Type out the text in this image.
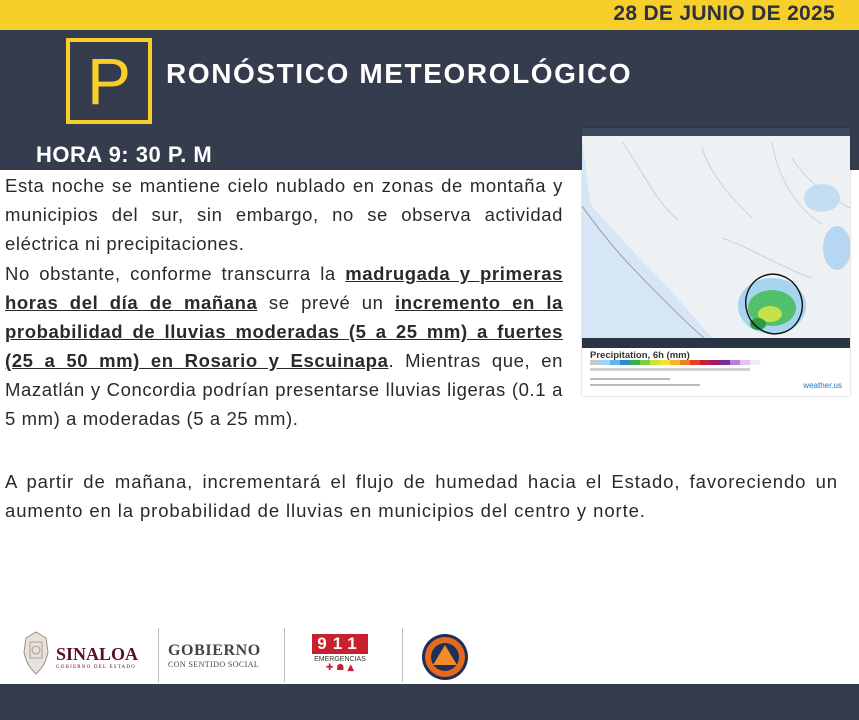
28 DE JUNIO DE 2025
P	RONÓSTICO METEOROLÓGICO
HORA 9: 30 P. M
Esta noche se mantiene cielo nublado en zonas de montaña y municipios del sur, sin embargo, no se observa actividad eléctrica ni precipitaciones.
No obstante, conforme transcurra la madrugada y primeras horas del día de mañana se prevé un incremento en la probabilidad de lluvias moderadas (5 a 25 mm) a fuertes (25 a 50 mm) en Rosario y Escuinapa. Mientras que, en Mazatlán y Concordia podrían presentarse lluvias ligeras (0.1 a 5 mm) a moderadas (5 a 25 mm).
A partir de mañana, incrementará el flujo de humedad hacia el Estado, favoreciendo un aumento en la probabilidad de lluvias en municipios del centro y norte.
Precipitation, 6h (mm)
weather.us
SINALOA
GOBIERNO DEL ESTADO
GOBIERNO
CON SENTIDO SOCIAL
911
EMERGENCIAS
✚ ☗ ▲
